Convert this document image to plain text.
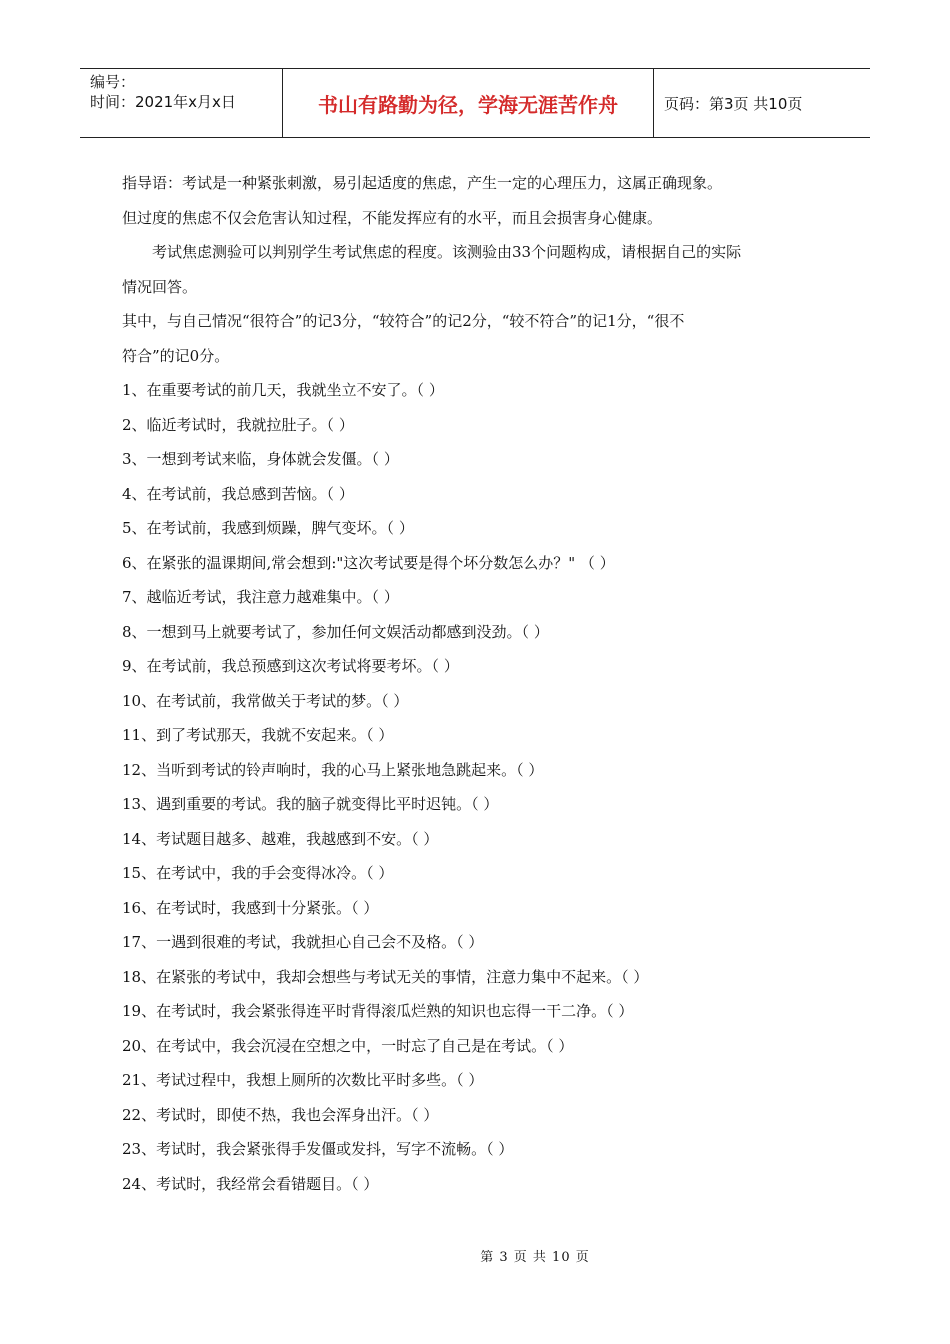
编号：
时间：2021年x月x日	书山有路勤为径，学海无涯苦作舟	页码：第3页 共10页
指导语：考试是一种紧张刺激，易引起适度的焦虑，产生一定的心理压力，这属正确现象。
但过度的焦虑不仅会危害认知过程，不能发挥应有的水平，而且会损害身心健康。
考试焦虑测验可以判别学生考试焦虑的程度。该测验由33个问题构成，请根据自己的实际
情况回答。
其中，与自己情况“很符合”的记3分，“较符合”的记2分，“较不符合”的记1分，“很不
符合”的记0分。
1、在重要考试的前几天，我就坐立不安了。（ ）
2、临近考试时，我就拉肚子。（ ）
3、一想到考试来临，身体就会发僵。（ ）
4、在考试前，我总感到苦恼。（ ）
5、在考试前，我感到烦躁，脾气变坏。（ ）
6、在紧张的温课期间,常会想到:"这次考试要是得个坏分数怎么办？" （ ）
7、越临近考试，我注意力越难集中。（ ）
8、一想到马上就要考试了，参加任何文娱活动都感到没劲。（ ）
9、在考试前，我总预感到这次考试将要考坏。（ ）
10、在考试前，我常做关于考试的梦。（ ）
11、到了考试那天，我就不安起来。（ ）
12、当听到考试的铃声响时，我的心马上紧张地急跳起来。（ ）
13、遇到重要的考试。我的脑子就变得比平时迟钝。（ ）
14、考试题目越多、越难，我越感到不安。（ ）
15、在考试中，我的手会变得冰冷。（ ）
16、在考试时，我感到十分紧张。（ ）
17、一遇到很难的考试，我就担心自己会不及格。（ ）
18、在紧张的考试中，我却会想些与考试无关的事情，注意力集中不起来。（ ）
19、在考试时，我会紧张得连平时背得滚瓜烂熟的知识也忘得一干二净。（ ）
20、在考试中，我会沉浸在空想之中，一时忘了自己是在考试。（ ）
21、考试过程中，我想上厕所的次数比平时多些。（ ）
22、考试时，即使不热，我也会浑身出汗。（ ）
23、考试时，我会紧张得手发僵或发抖，写字不流畅。（ ）
24、考试时，我经常会看错题目。（ ）
第 3 页 共 10 页
